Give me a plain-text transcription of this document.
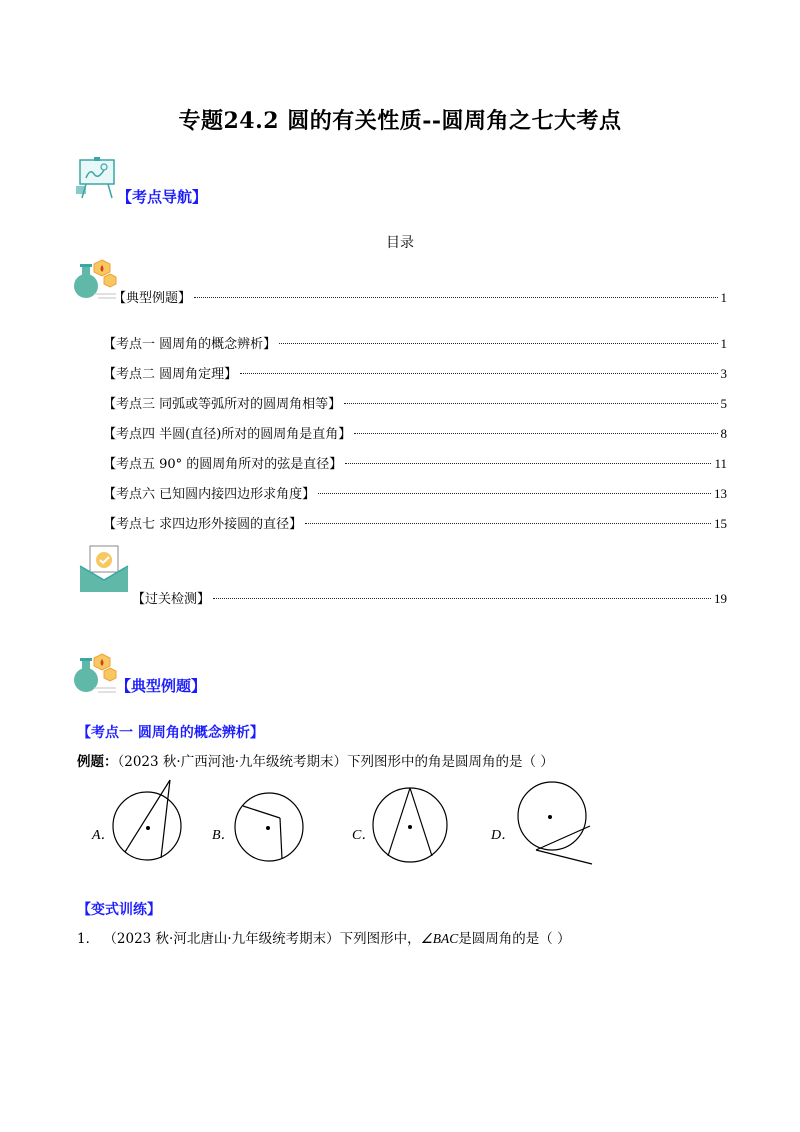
专题24.2 圆的有关性质--圆周角之七大考点
【考点导航】
目录
【典型例题】	1
【考点一 圆周角的概念辨析】	1
【考点二 圆周角定理】	3
【考点三 同弧或等弧所对的圆周角相等】	5
【考点四 半圆(直径)所对的圆周角是直角】	8
【考点五 90° 的圆周角所对的弦是直径】	11
【考点六 已知圆内接四边形求角度】	13
【考点七 求四边形外接圆的直径】	15
【过关检测】	19
【典型例题】
【考点一 圆周角的概念辨析】
例题：（2023 秋·广西河池·九年级统考期末）下列图形中的角是圆周角的是（ ）
A．	B．	C．	D．
【变式训练】
1． （2023 秋·河北唐山·九年级统考期末）下列图形中，∠BAC是圆周角的是（ ）
